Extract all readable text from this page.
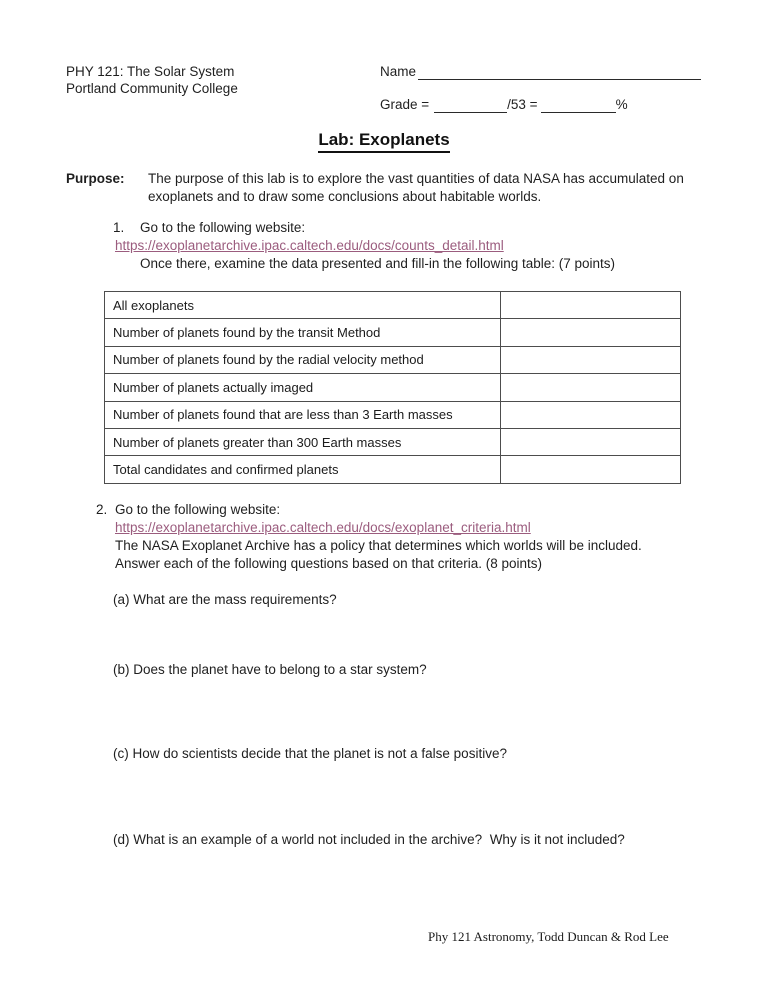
PHY 121: The Solar System
Portland Community College
Name
Grade =	/53 =	%
Lab: Exoplanets
Purpose: The purpose of this lab is to explore the vast quantities of data NASA has accumulated on exoplanets and to draw some conclusions about habitable worlds.
1. Go to the following website:
https://exoplanetarchive.ipac.caltech.edu/docs/counts_detail.html
Once there, examine the data presented and fill-in the following table: (7 points)
All exoplanets	
Number of planets found by the transit Method	
Number of planets found by the radial velocity method	
Number of planets actually imaged	
Number of planets found that are less than 3 Earth masses	
Number of planets greater than 300 Earth masses	
Total candidates and confirmed planets	
2. Go to the following website:
https://exoplanetarchive.ipac.caltech.edu/docs/exoplanet_criteria.html
The NASA Exoplanet Archive has a policy that determines which worlds will be included.  Answer each of the following questions based on that criteria. (8 points)
(a) What are the mass requirements?
(b) Does the planet have to belong to a star system?
(c) How do scientists decide that the planet is not a false positive?
(d) What is an example of a world not included in the archive?  Why is it not included?
Phy 121 Astronomy, Todd Duncan & Rod Lee
